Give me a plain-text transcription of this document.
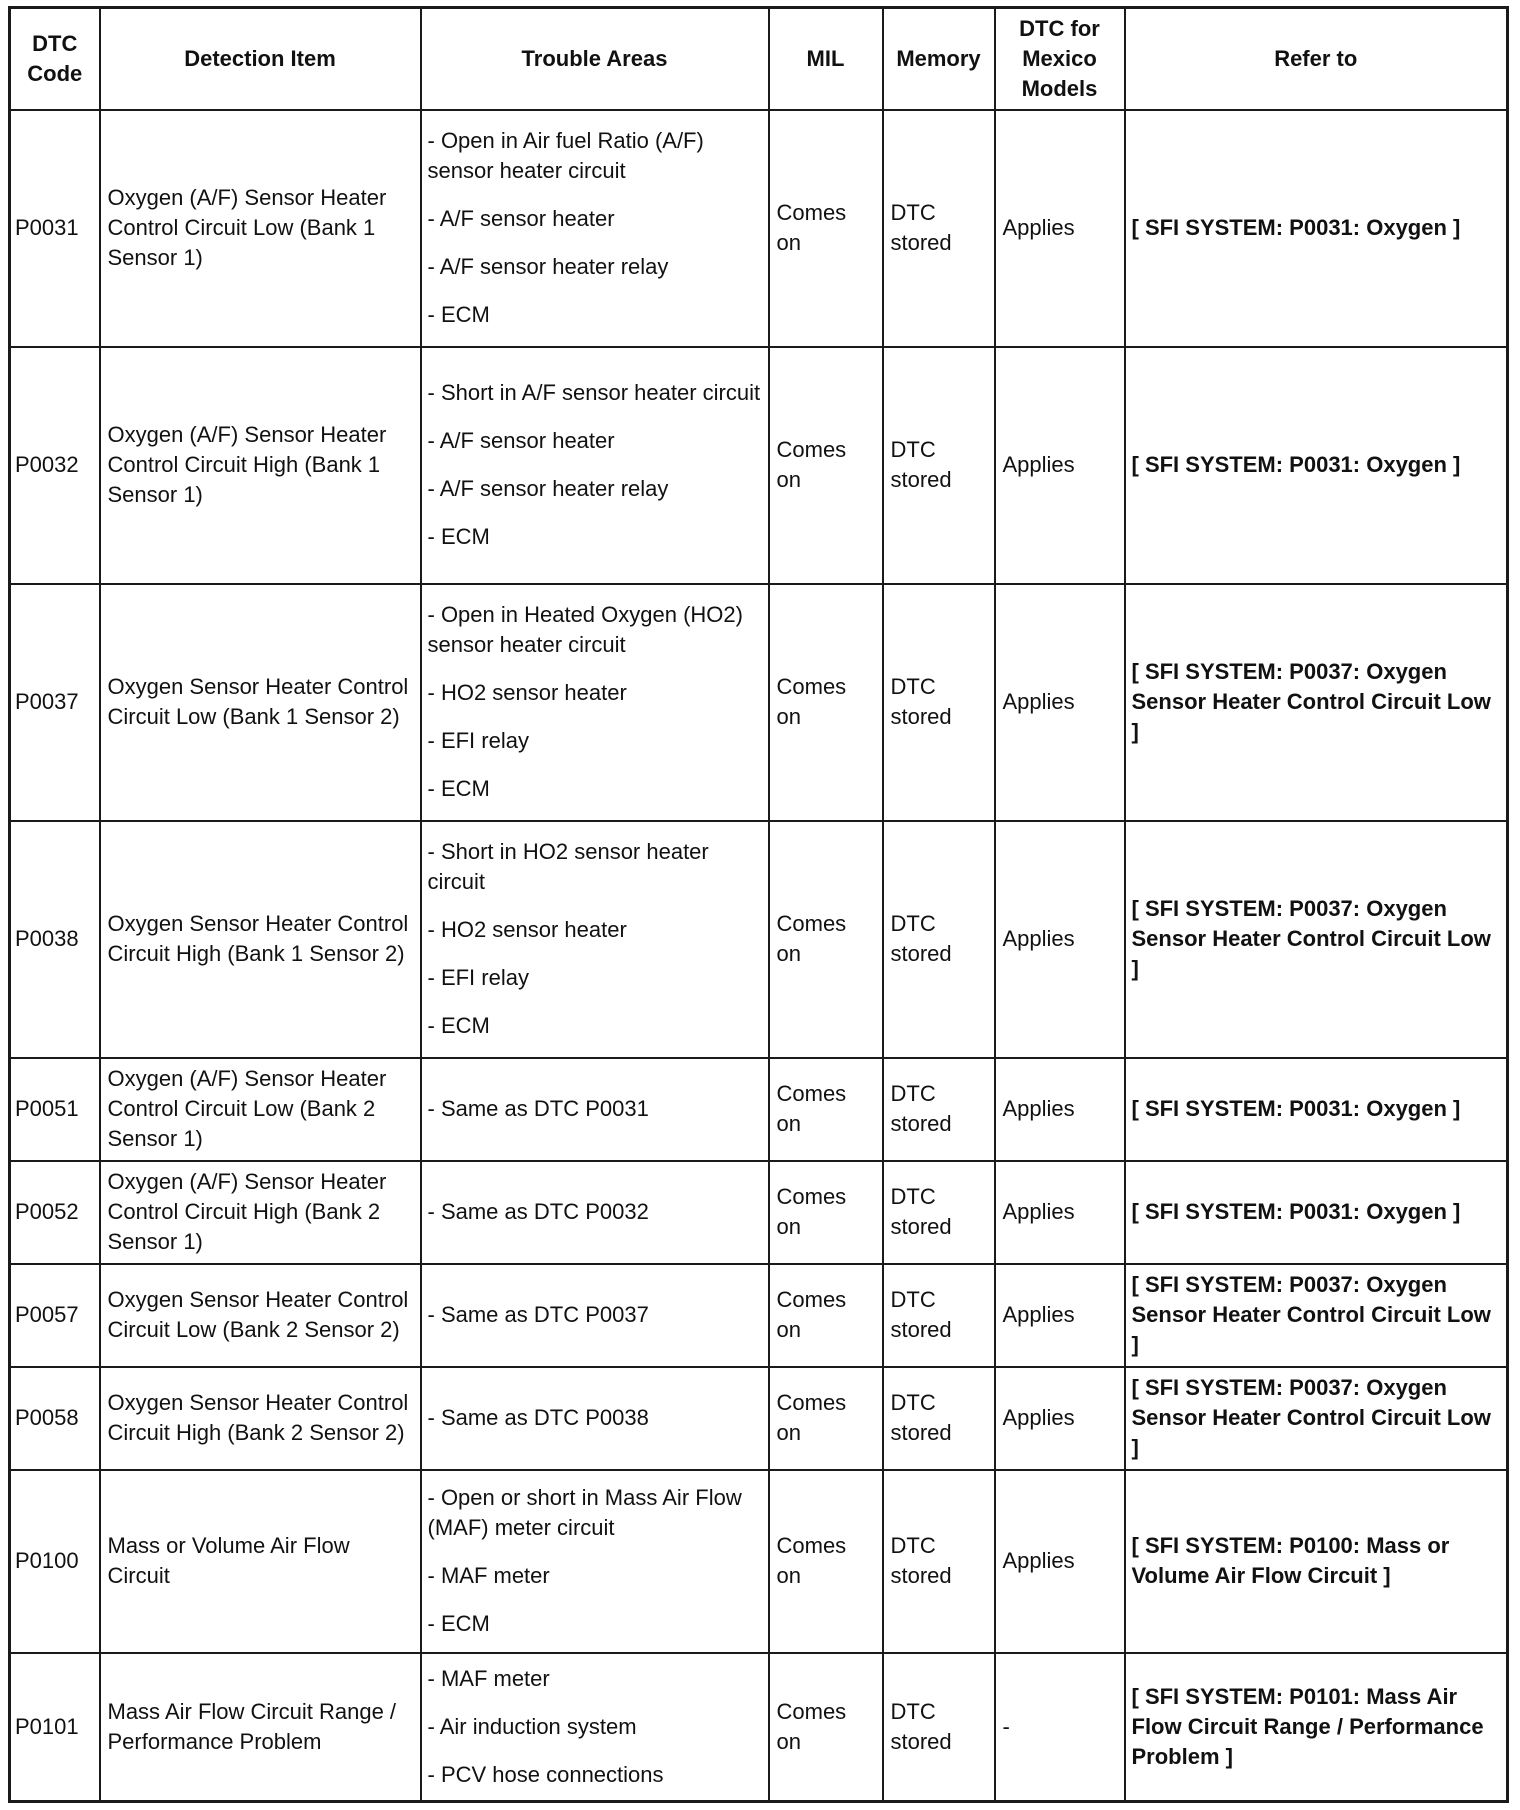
DTC Code	Detection Item	Trouble Areas	MIL	Memory	DTC for Mexico Models	Refer to
P0031	Oxygen (A/F) Sensor Heater Control Circuit Low (Bank 1 Sensor 1)	- Open in Air fuel Ratio (A/F) sensor heater circuit
- A/F sensor heater
- A/F sensor heater relay
- ECM	Comes on	DTC stored	Applies	[ SFI SYSTEM: P0031: Oxygen ]
P0032	Oxygen (A/F) Sensor Heater Control Circuit High (Bank 1 Sensor 1)	- Short in A/F sensor heater circuit
- A/F sensor heater
- A/F sensor heater relay
- ECM	Comes on	DTC stored	Applies	[ SFI SYSTEM: P0031: Oxygen ]
P0037	Oxygen Sensor Heater Control Circuit Low (Bank 1 Sensor 2)	- Open in Heated Oxygen (HO2) sensor heater circuit
- HO2 sensor heater
- EFI relay
- ECM	Comes on	DTC stored	Applies	[ SFI SYSTEM: P0037: Oxygen Sensor Heater Control Circuit Low ]
P0038	Oxygen Sensor Heater Control Circuit High (Bank 1 Sensor 2)	- Short in HO2 sensor heater circuit
- HO2 sensor heater
- EFI relay
- ECM	Comes on	DTC stored	Applies	[ SFI SYSTEM: P0037: Oxygen Sensor Heater Control Circuit Low ]
P0051	Oxygen (A/F) Sensor Heater Control Circuit Low (Bank 2 Sensor 1)	- Same as DTC P0031	Comes on	DTC stored	Applies	[ SFI SYSTEM: P0031: Oxygen ]
P0052	Oxygen (A/F) Sensor Heater Control Circuit High (Bank 2 Sensor 1)	- Same as DTC P0032	Comes on	DTC stored	Applies	[ SFI SYSTEM: P0031: Oxygen ]
P0057	Oxygen Sensor Heater Control Circuit Low (Bank 2 Sensor 2)	- Same as DTC P0037	Comes on	DTC stored	Applies	[ SFI SYSTEM: P0037: Oxygen Sensor Heater Control Circuit Low ]
P0058	Oxygen Sensor Heater Control Circuit High (Bank 2 Sensor 2)	- Same as DTC P0038	Comes on	DTC stored	Applies	[ SFI SYSTEM: P0037: Oxygen Sensor Heater Control Circuit Low ]
P0100	Mass or Volume Air Flow Circuit	- Open or short in Mass Air Flow (MAF) meter circuit
- MAF meter
- ECM	Comes on	DTC stored	Applies	[ SFI SYSTEM: P0100: Mass or Volume Air Flow Circuit ]
P0101	Mass Air Flow Circuit Range / Performance Problem	- MAF meter
- Air induction system
- PCV hose connections	Comes on	DTC stored	-	[ SFI SYSTEM: P0101: Mass Air Flow Circuit Range / Performance Problem ]
